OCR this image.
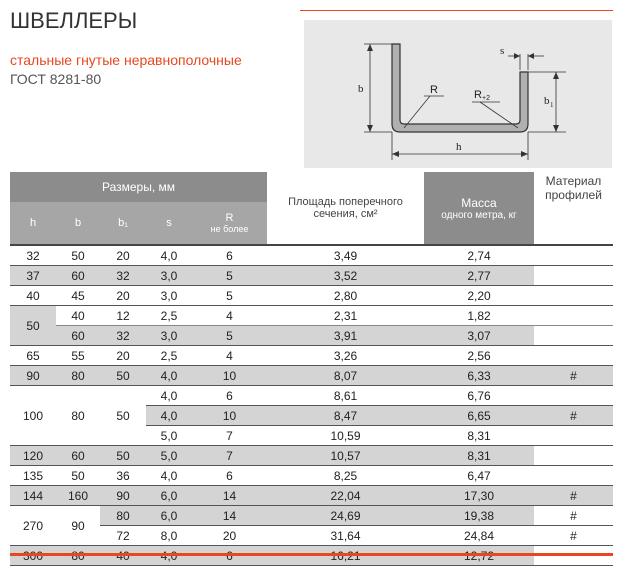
ШВЕЛЛЕРЫ
стальные гнутые неравнополочные
ГОСТ 8281-80
s
b
b 1
R	R +2
h
Размеры, мм					Площадь поперечного
сечения, см²	Масса
одного метра, кг	Материал профилей
h	b	b₁	s	R
не более			

32	50	20	4,0	6	3,49	2,74	
37	60	32	3,0	5	3,52	2,77	
40	45	20	3,0	5	2,80	2,20	
50	40	12	2,5	4	2,31	1,82	
	60	32	3,0	5	3,91	3,07	
65	55	20	2,5	4	3,26	2,56	
90	80	50	4,0	10	8,07	6,33	#
100	80	50	4,0	6	8,61	6,76	
			4,0	10	8,47	6,65	#
			5,0	7	10,59	8,31	
120	60	50	5,0	7	10,57	8,31	
135	50	36	4,0	6	8,25	6,47	
144	160	90	6,0	14	22,04	17,30	#
270	90	80	6,0	14	24,69	19,38	#
		72	8,0	20	31,64	24,84	#
